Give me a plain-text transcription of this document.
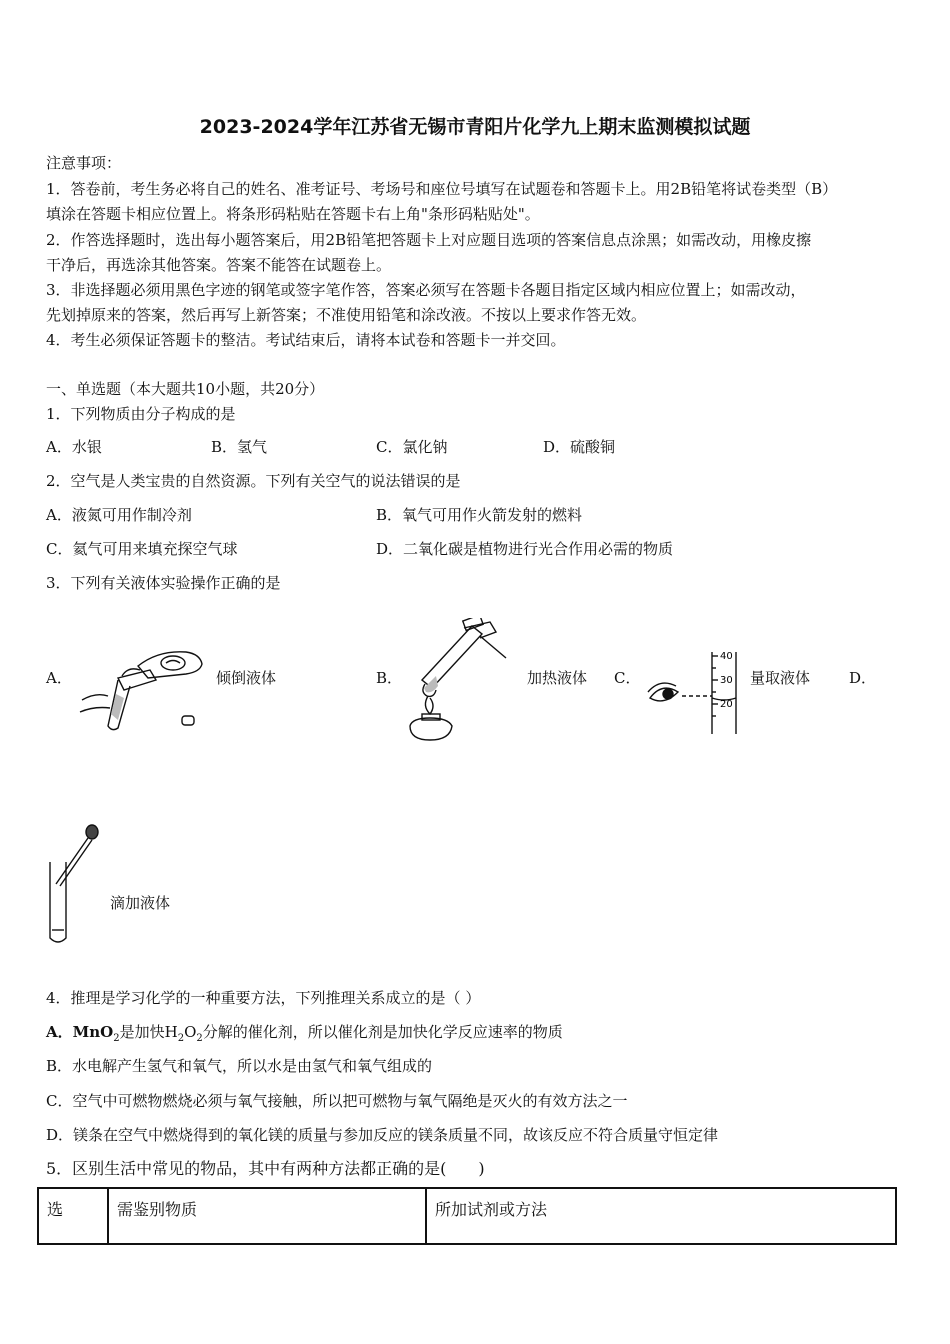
2023-2024学年江苏省无锡市青阳片化学九上期末监测模拟试题
注意事项：
1．答卷前，考生务必将自己的姓名、准考证号、考场号和座位号填写在试题卷和答题卡上。用2B铅笔将试卷类型（B）
填涂在答题卡相应位置上。将条形码粘贴在答题卡右上角"条形码粘贴处"。
2．作答选择题时，选出每小题答案后，用2B铅笔把答题卡上对应题目选项的答案信息点涂黑；如需改动，用橡皮擦
干净后，再选涂其他答案。答案不能答在试题卷上。
3．非选择题必须用黑色字迹的钢笔或签字笔作答，答案必须写在答题卡各题目指定区域内相应位置上；如需改动，
先划掉原来的答案，然后再写上新答案；不准使用铅笔和涂改液。不按以上要求作答无效。
4．考生必须保证答题卡的整洁。考试结束后，请将本试卷和答题卡一并交回。
一、单选题（本大题共10小题，共20分）
1．下列物质由分子构成的是
A．水银	B．氢气	C．氯化钠	D．硫酸铜
2．空气是人类宝贵的自然资源。下列有关空气的说法错误的是
A．液氮可用作制冷剂	B．氧气可用作火箭发射的燃料
C．氦气可用来填充探空气球	D．二氧化碳是植物进行光合作用必需的物质
3．下列有关液体实验操作正确的是
A．	倾倒液体	B．	加热液体 C．
40
30
20
量取液体	D．
滴加液体
4．推理是学习化学的一种重要方法，下列推理关系成立的是（ ）
A．MnO$_2$是加快$H_2O_2$分解的催化剂，所以催化剂是加快化学反应速率的物质
B．水电解产生氢气和氧气，所以水是由氢气和氧气组成的
C．空气中可燃物燃烧必须与氧气接触，所以把可燃物与氧气隔绝是灭火的有效方法之一
D．镁条在空气中燃烧得到的氧化镁的质量与参加反应的镁条质量不同，故该反应不符合质量守恒定律
5．区别生活中常见的物品，其中有两种方法都正确的是(　　)
选	需鉴别物质	所加试剂或方法
